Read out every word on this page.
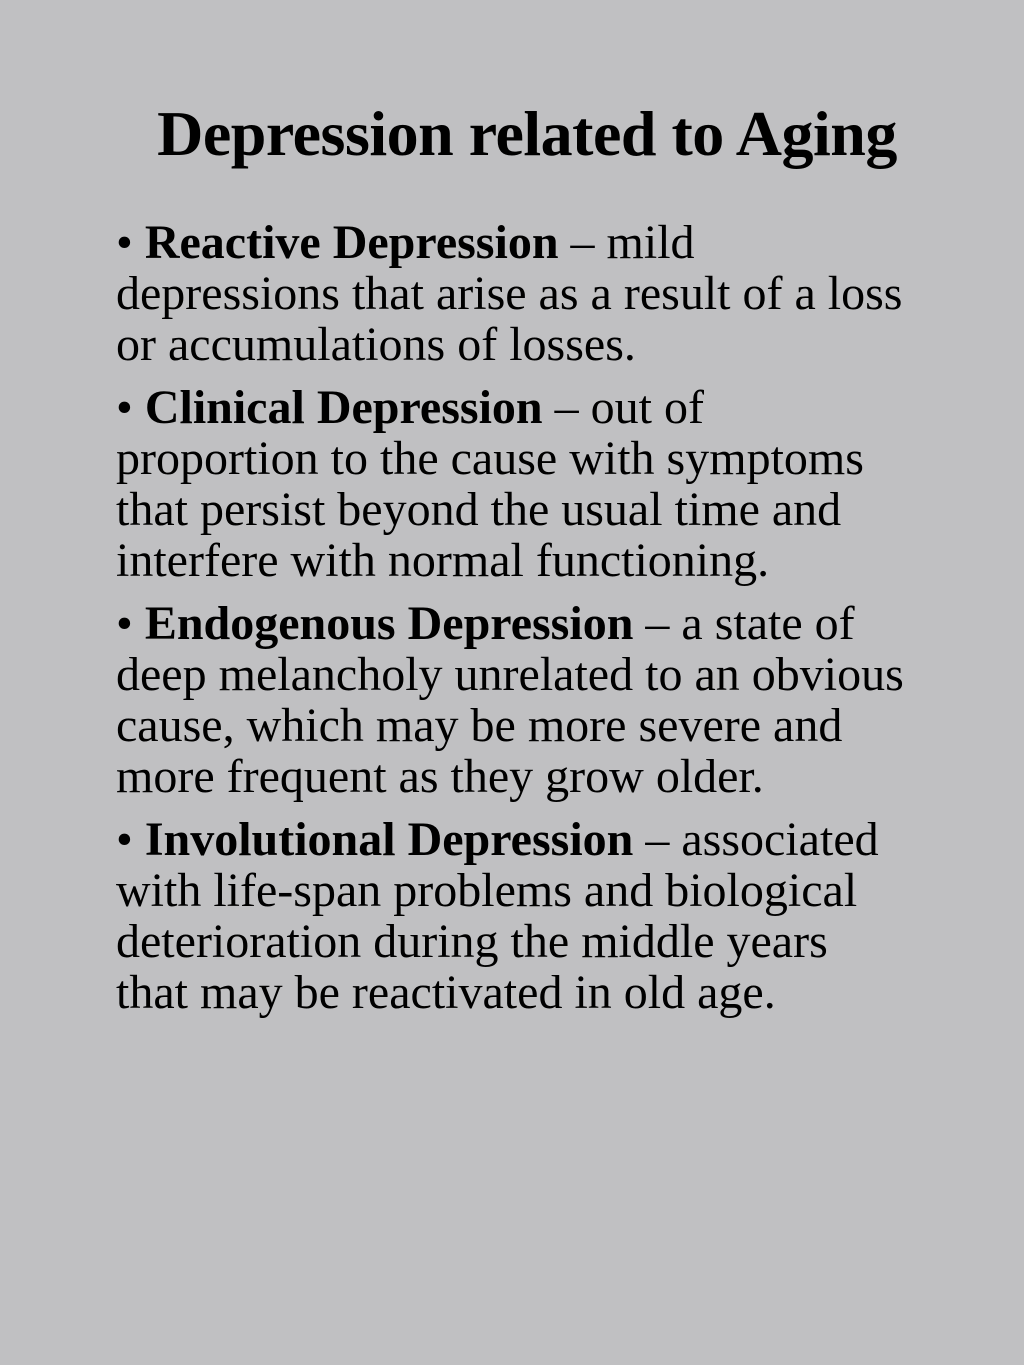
Depression related to Aging
• Reactive Depression – mild depressions that arise as a result of a loss or accumulations of losses.
• Clinical Depression – out of proportion to the cause with symptoms that persist beyond the usual time and interfere with normal functioning.
• Endogenous Depression – a state of deep melancholy unrelated to an obvious cause, which may be more severe and more frequent as they grow older.
• Involutional Depression – associated with life-span problems and biological deterioration during the middle years that may be reactivated in old age.
